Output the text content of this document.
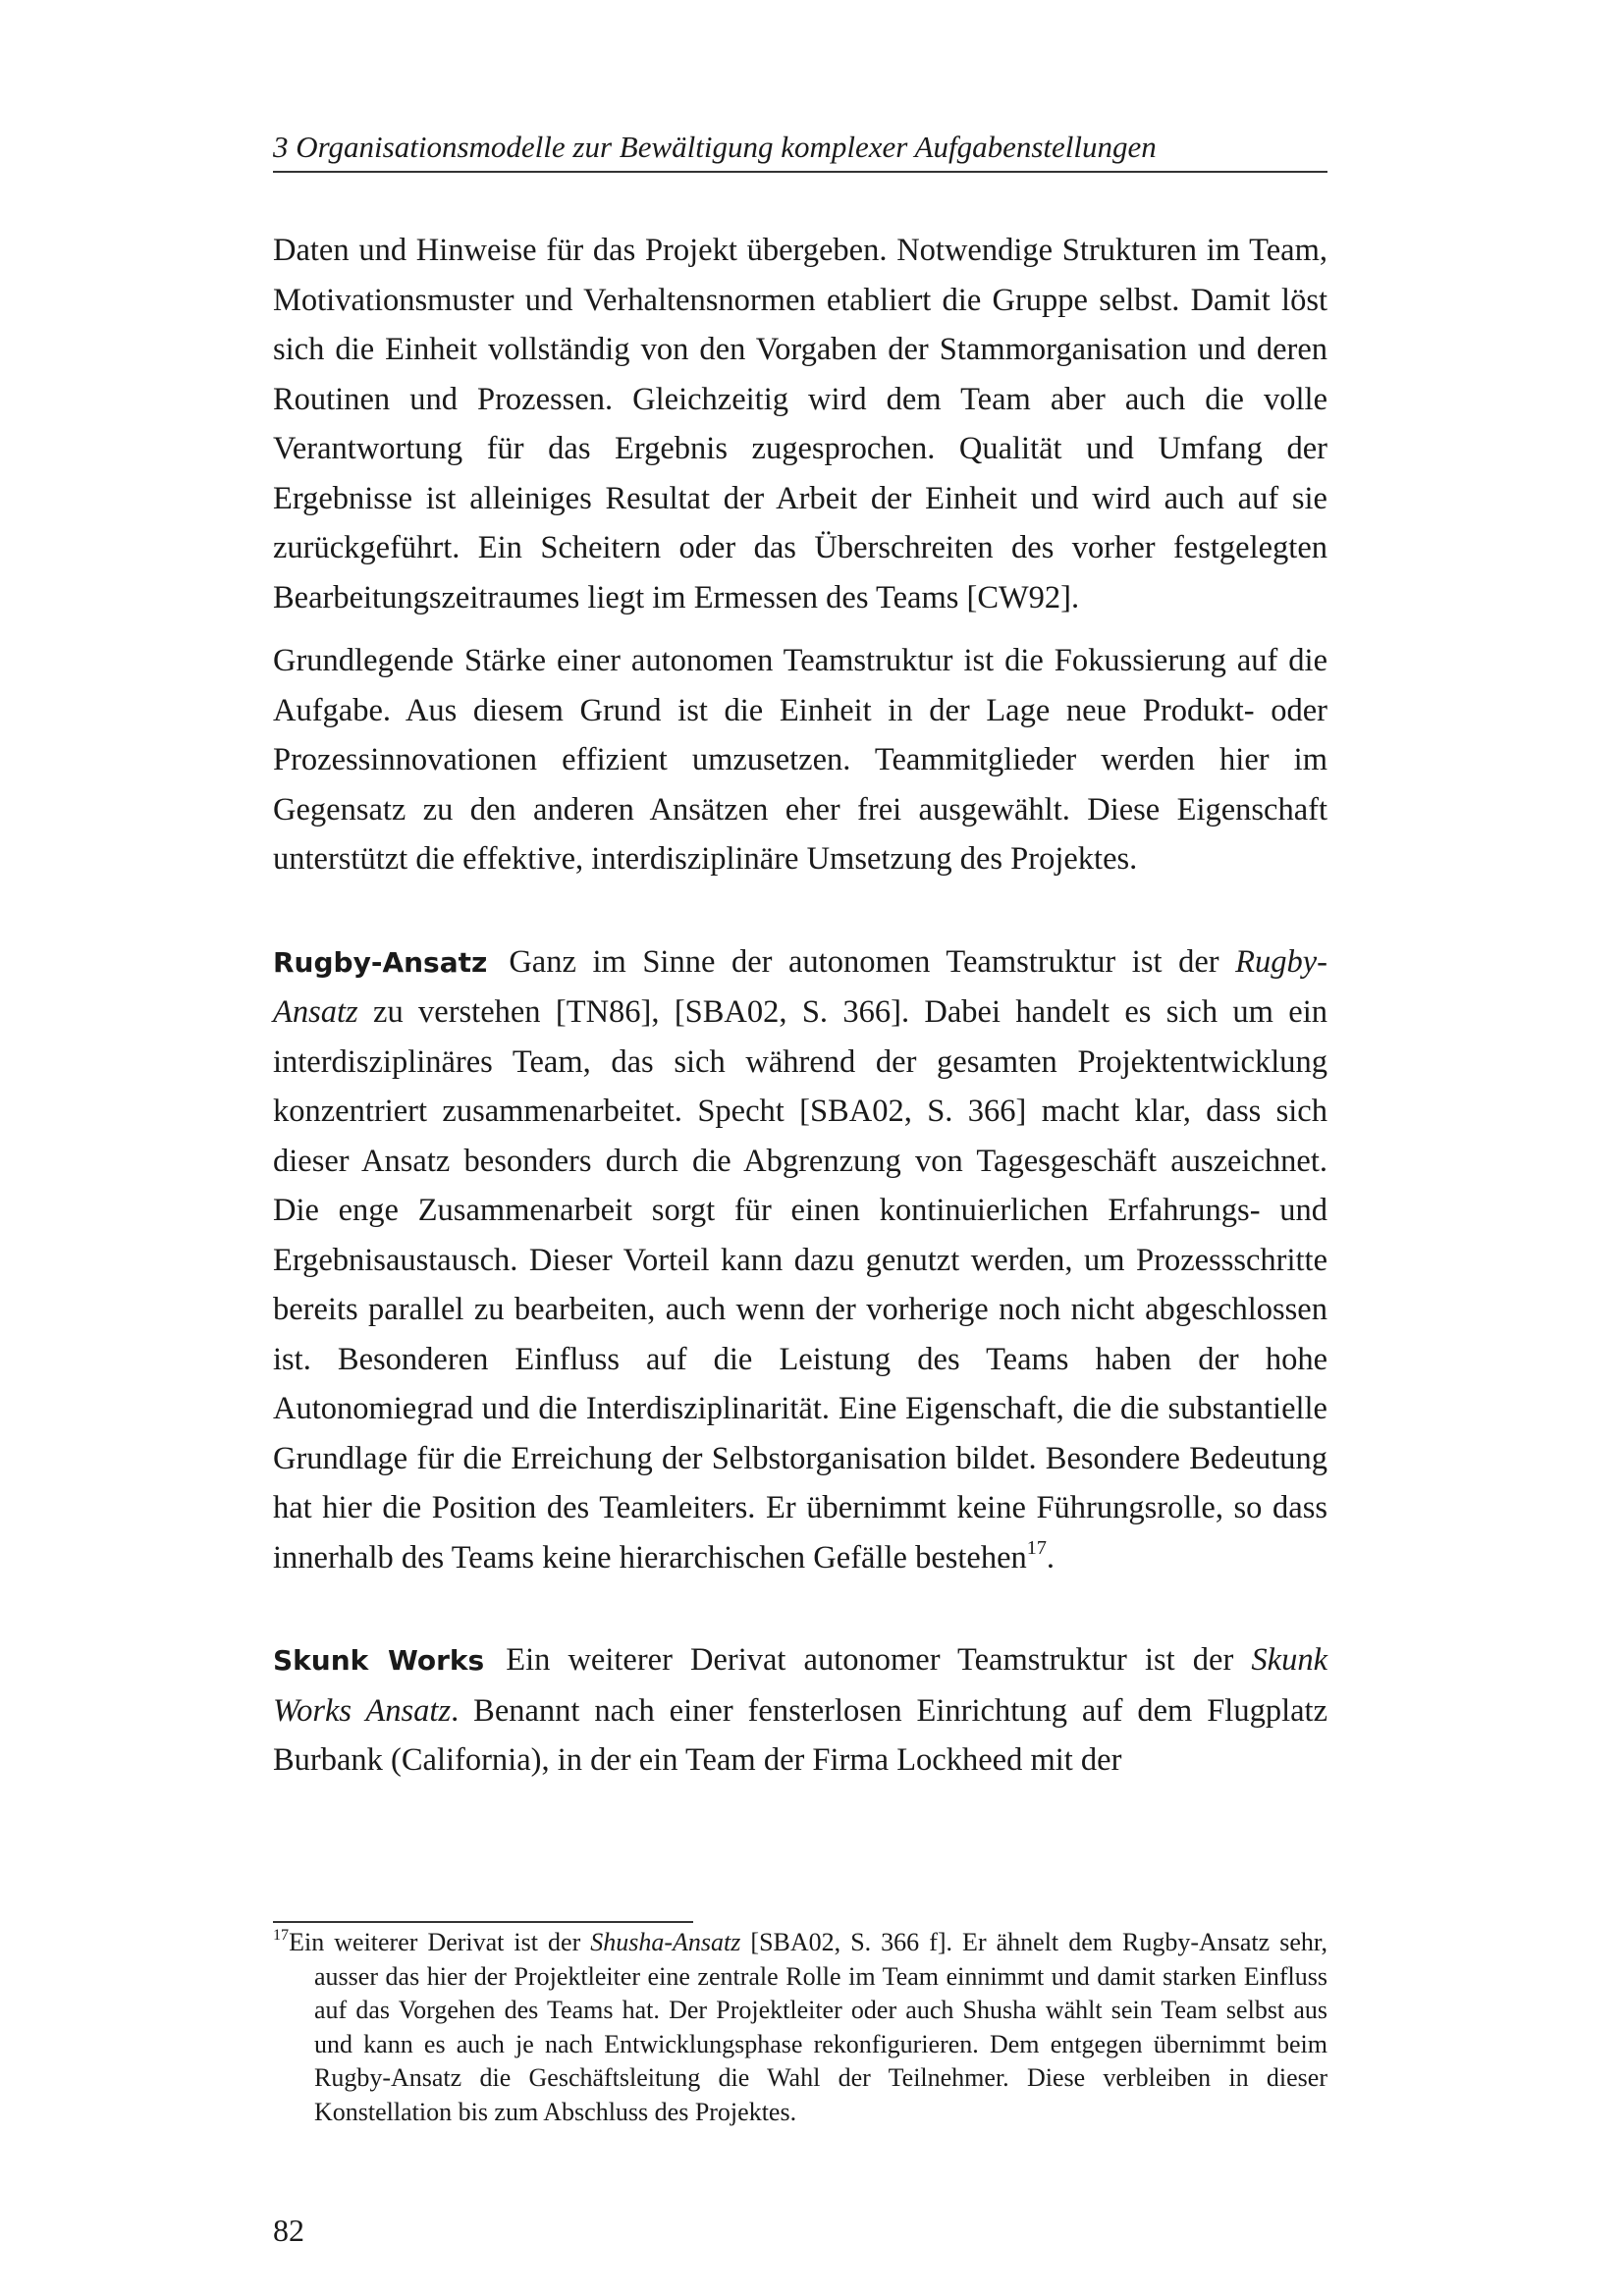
3 Organisationsmodelle zur Bewältigung komplexer Aufgabenstellungen

Daten und Hinweise für das Projekt übergeben. Notwendige Strukturen im Team, Motivationsmuster und Verhaltensnormen etabliert die Gruppe selbst. Damit löst sich die Einheit vollständig von den Vorgaben der Stammorganisation und deren Routinen und Prozessen. Gleichzeitig wird dem Team aber auch die volle Verantwortung für das Ergebnis zugesprochen. Qualität und Umfang der Ergebnisse ist alleiniges Resultat der Arbeit der Einheit und wird auch auf sie zurückgeführt. Ein Scheitern oder das Überschreiten des vorher festgelegten Bearbeitungszeitraumes liegt im Ermessen des Teams [CW92].

Grundlegende Stärke einer autonomen Teamstruktur ist die Fokussierung auf die Aufgabe. Aus diesem Grund ist die Einheit in der Lage neue Produkt- oder Prozessinnovationen effizient umzusetzen. Teammitglieder werden hier im Gegensatz zu den anderen Ansätzen eher frei ausgewählt. Diese Eigenschaft unterstützt die effektive, interdisziplinäre Umsetzung des Projektes.

Rugby-Ansatz Ganz im Sinne der autonomen Teamstruktur ist der Rugby-Ansatz zu verstehen [TN86], [SBA02, S. 366]. Dabei handelt es sich um ein interdisziplinäres Team, das sich während der gesamten Projektentwicklung konzentriert zusammenarbeitet. Specht [SBA02, S. 366] macht klar, dass sich dieser Ansatz besonders durch die Abgrenzung von Tagesgeschäft auszeichnet. Die enge Zusammenarbeit sorgt für einen kontinuierlichen Erfahrungs- und Ergebnisaustausch. Dieser Vorteil kann dazu genutzt werden, um Prozessschritte bereits parallel zu bearbeiten, auch wenn der vorherige noch nicht abgeschlossen ist. Besonderen Einfluss auf die Leistung des Teams haben der hohe Autonomiegrad und die Interdisziplinarität. Eine Eigenschaft, die die substantielle Grundlage für die Erreichung der Selbstorganisation bildet. Besondere Bedeutung hat hier die Position des Teamleiters. Er übernimmt keine Führungsrolle, so dass innerhalb des Teams keine hierarchischen Gefälle bestehen$^{17}$.

Skunk Works Ein weiterer Derivat autonomer Teamstruktur ist der Skunk Works Ansatz. Benannt nach einer fensterlosen Einrichtung auf dem Flugplatz Burbank (California), in der ein Team der Firma Lockheed mit der

$^{17}$Ein weiterer Derivat ist der Shusha-Ansatz [SBA02, S. 366 f]. Er ähnelt dem Rugby-Ansatz sehr, ausser das hier der Projektleiter eine zentrale Rolle im Team einnimmt und damit starken Einfluss auf das Vorgehen des Teams hat. Der Projektleiter oder auch Shusha wählt sein Team selbst aus und kann es auch je nach Entwicklungsphase rekonfigurieren. Dem entgegen übernimmt beim Rugby-Ansatz die Geschäftsleitung die Wahl der Teilnehmer. Diese verbleiben in dieser Konstellation bis zum Abschluss des Projektes.
82
